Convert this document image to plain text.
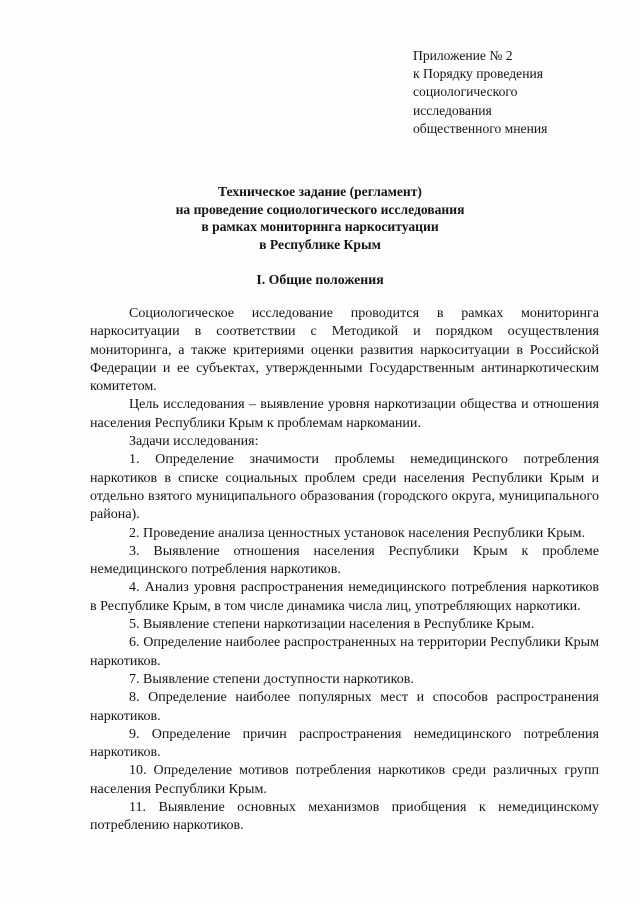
Приложение № 2
к Порядку проведения
социологического
исследования
общественного мнения
Техническое задание (регламент)
на проведение социологического исследования
в рамках мониторинга наркоситуации
в Республике Крым
I. Общие положения

Социологическое исследование проводится в рамках мониторинга наркоситуации в соответствии с Методикой и порядком осуществления мониторинга, а также критериями оценки развития наркоситуации в Российской Федерации и ее субъектах, утвержденными Государственным антинаркотическим комитетом.

Цель исследования – выявление уровня наркотизации общества и отношения населения Республики Крым к проблемам наркомании.

Задачи исследования:

1. Определение значимости проблемы немедицинского потребления наркотиков в списке социальных проблем среди населения Республики Крым и отдельно взятого муниципального образования (городского округа, муниципального района).

2. Проведение анализа ценностных установок населения Республики Крым.

3. Выявление отношения населения Республики Крым к проблеме немедицинского потребления наркотиков.

4. Анализ уровня распространения немедицинского потребления наркотиков в Республике Крым, в том числе динамика числа лиц, употребляющих наркотики.

5. Выявление степени наркотизации населения в Республике Крым.

6. Определение наиболее распространенных на территории Республики Крым наркотиков.

7. Выявление степени доступности наркотиков.

8. Определение наиболее популярных мест и способов распространения наркотиков.

9. Определение причин распространения немедицинского потребления наркотиков.

10. Определение мотивов потребления наркотиков среди различных групп населения Республики Крым.

11. Выявление основных механизмов приобщения к немедицинскому потреблению наркотиков.
